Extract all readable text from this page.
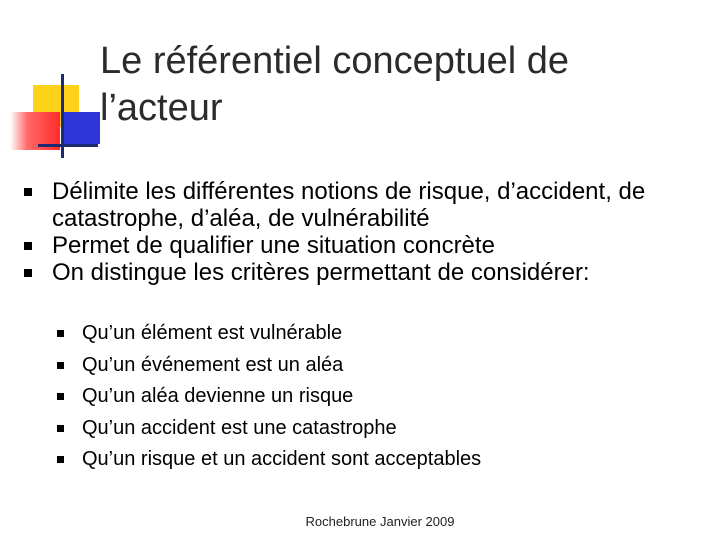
Le référentiel conceptuel de l’acteur
Délimite les différentes notions de risque, d’accident, de catastrophe, d’aléa, de vulnérabilité
Permet de qualifier une situation concrète
On distingue les critères permettant de considérer:
Qu’un élément est vulnérable
Qu’un événement est un aléa
Qu’un aléa devienne un risque
Qu’un accident est une catastrophe
Qu’un risque et un accident sont acceptables
Rochebrune Janvier 2009
